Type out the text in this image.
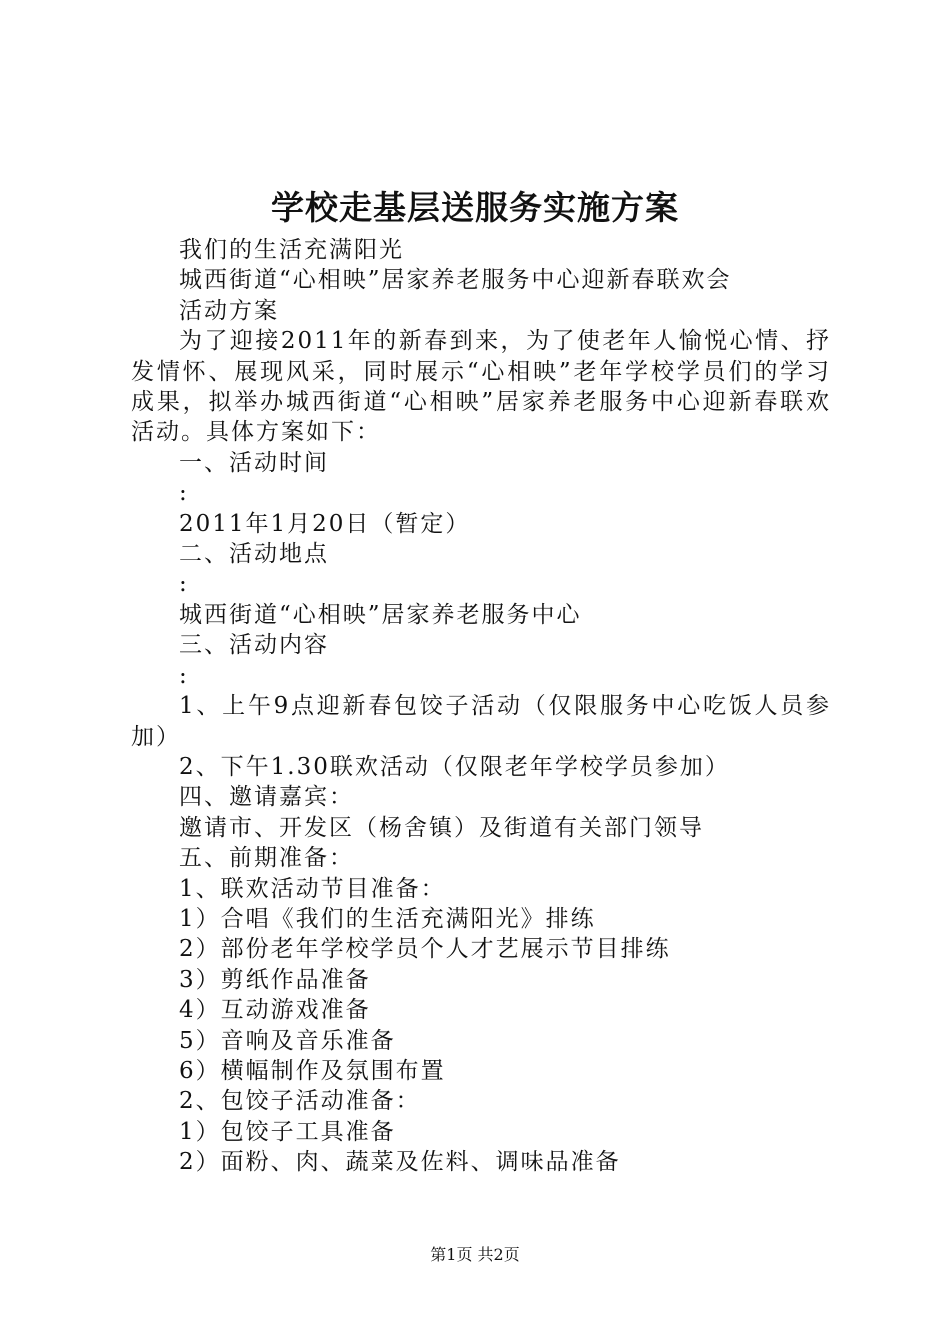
学校走基层送服务实施方案

我们的生活充满阳光

城西街道“心相映”居家养老服务中心迎新春联欢会

活动方案

为了迎接2011年的新春到来，为了使老年人愉悦心情、抒发情怀、展现风采，同时展示“心相映”老年学校学员们的学习成果，拟举办城西街道“心相映”居家养老服务中心迎新春联欢活动。具体方案如下：

一、活动时间

:

2011年1月20日（暂定）

二、活动地点

:

城西街道“心相映”居家养老服务中心

三、活动内容

:

1、上午9点迎新春包饺子活动（仅限服务中心吃饭人员参加）

2、下午1.30联欢活动（仅限老年学校学员参加）

四、邀请嘉宾：

邀请市、开发区（杨舍镇）及街道有关部门领导

五、前期准备：

1、联欢活动节目准备：

1）合唱《我们的生活充满阳光》排练

2）部份老年学校学员个人才艺展示节目排练

3）剪纸作品准备

4）互动游戏准备

5）音响及音乐准备

6）横幅制作及氛围布置

2、包饺子活动准备：

1）包饺子工具准备

2）面粉、肉、蔬菜及佐料、调味品准备

第1页 共2页
